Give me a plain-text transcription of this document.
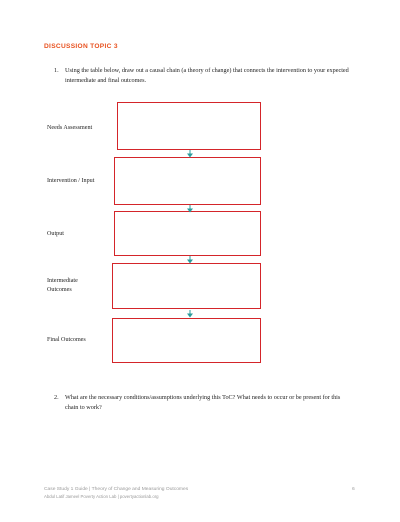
DISCUSSION TOPIC 3
1. Using the table below, draw out a causal chain (a theory of change) that connects the intervention to your expected intermediate and final outcomes.
Needs Assessment
Intervention / Input
Output
Intermediate Outcomes
Final Outcomes
2. What are the necessary conditions/assumptions underlying this ToC? What needs to occur or be present for this chain to work?
Case Study 1 Guide | Theory of Change and Measuring Outcomes
Abdul Latif Jameel Poverty Action Lab | povertyactionlab.org
6
